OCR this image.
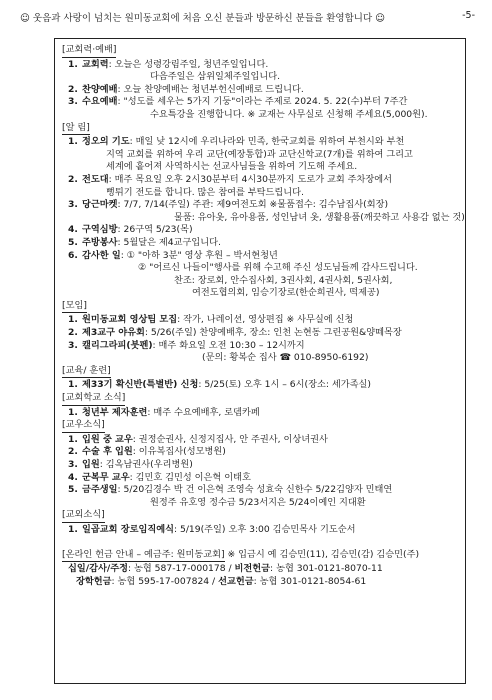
☺ 웃음과 사랑이 넘치는 원미동교회에 처음 오신 분들과 방문하신 분들을 환영합니다 ☺	-5-
[교회력·예배]
1. 교회력: 오늘은 성령강림주일, 청년주일입니다.
다음주일은 삼위일체주일입니다.
2. 찬양예배: 오늘 찬양예배는 청년부헌신예배로 드립니다.
3. 수요예배: "성도를 세우는 5가지 기둥"이라는 주제로 2024. 5. 22(수)부터 7주간
수요특강을 진행합니다. ※ 교재는 사무실로 신청해 주세요(5,000원).
[알 림]
1. 정오의 기도: 매일 낮 12시에 우리나라와 민족, 한국교회를 위하여 부천시와 부천
지역 교회를 위하여 우리 교단(예장통합)과 교단신학교(7개)를 위하여 그리고
세계에 흩어져 사역하시는 선교사님들을 위하여 기도해 주세요.
2. 전도대: 매주 목요일 오후 2시30분부터 4시30분까지 도로가 교회 주차장에서
뻥튀기 전도를 합니다. 많은 참여를 부탁드립니다.
3. 당근마켓: 7/7, 7/14(주일) 주관: 제9여전도회 ※물품접수: 김수남집사(회장)
물품: 유아옷, 유아용품, 성인남녀 옷, 생활용품(깨끗하고 사용감 없는 것)
4. 구역심방: 26구역 5/23(목)
5. 주방봉사: 5월달은 제4교구입니다.
6. 감사한 일: ① "아하 3분" 영상 후원 – 박서현청년
② "어르신 나들이"행사를 위해 수고해 주신 성도님들께 감사드립니다.
찬조: 장로회, 안수집사회, 3권사회, 4권사회, 5권사회,
여전도협의회, 임승기장로(한순희권사, 떡제공)
[모임]
1. 원미동교회 영상팀 모집: 작가, 나레이션, 영상편집 ※ 사무실에 신청
2. 제3교구 야유회: 5/26(주일) 찬양예배후, 장소: 인천 논현동 그린공원&양떼목장
3. 캘리그라피(붓펜): 매주 화요일 오전 10:30 – 12시까지
(문의: 황복순 집사 ☎ 010-8950-6192)
[교육/ 훈련]
1. 제33기 확신반(특별반) 신청: 5/25(토) 오후 1시 – 6시(장소: 세가족실)
[교회학교 소식]
1. 청년부 제자훈련: 매주 수요예배후, 로뎀카페
[교우소식]
1. 입원 중 교우: 권정순권사, 신정지집사, 안 주권사, 이상녀권사
2. 수술 후 입원: 이유복집사(성모병원)
3. 입원: 김옥남권사(우리병원)
4. 군복무 교우: 김민호 김민성 이은혁 이태호
5. 금주생일: 5/20김경수 박 건 이은혁 조영숙 성효숙 신한수 5/22김양자 민태연
원정주 유호영 정수금 5/23서지은 5/24이예인 지대환
[교외소식]
1. 일곱교회 장로임직예식: 5/19(주일) 오후 3:00 김승민목사 기도순서
[온라인 헌금 안내 – 예금주: 원미동교회] ※ 입금시 예 김승민(11), 김승민(감) 김승민(주)
십일/감사/주정: 농협 587-17-000178 / 비전헌금: 농협 301-0121-8070-11
장학헌금: 농협 595-17-007824 / 선교헌금: 농협 301-0121-8054-61
